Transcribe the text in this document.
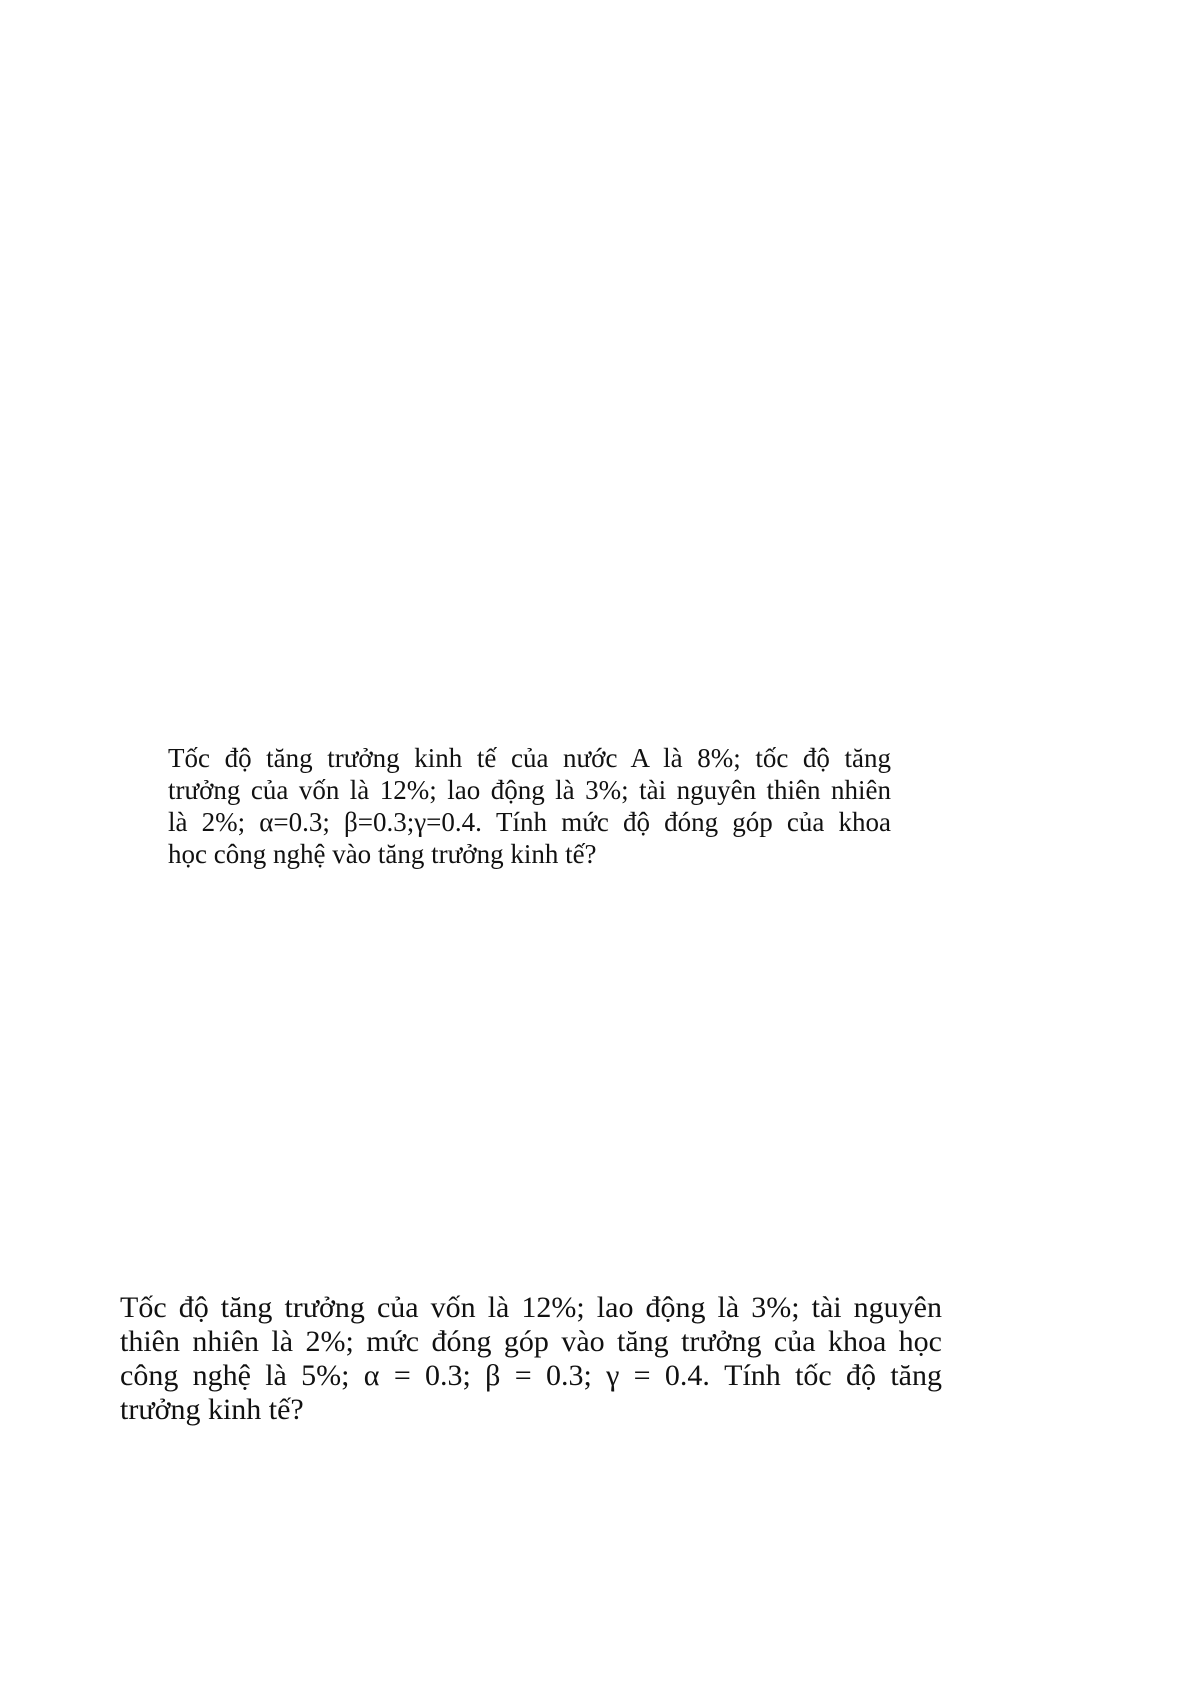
Tốc độ tăng trưởng kinh tế của nước A là 8%; tốc độ tăng
trưởng của vốn là 12%; lao động là 3%; tài nguyên thiên nhiên
là 2%; α=0.3; β=0.3;γ=0.4. Tính mức độ đóng góp của khoa
học công nghệ vào tăng trưởng kinh tế?
Tốc độ tăng trưởng của vốn là 12%; lao động là 3%; tài nguyên
thiên nhiên là 2%; mức đóng góp vào tăng trưởng của khoa học
công nghệ là 5%; α = 0.3; β = 0.3; γ = 0.4. Tính tốc độ tăng
trưởng kinh tế?
